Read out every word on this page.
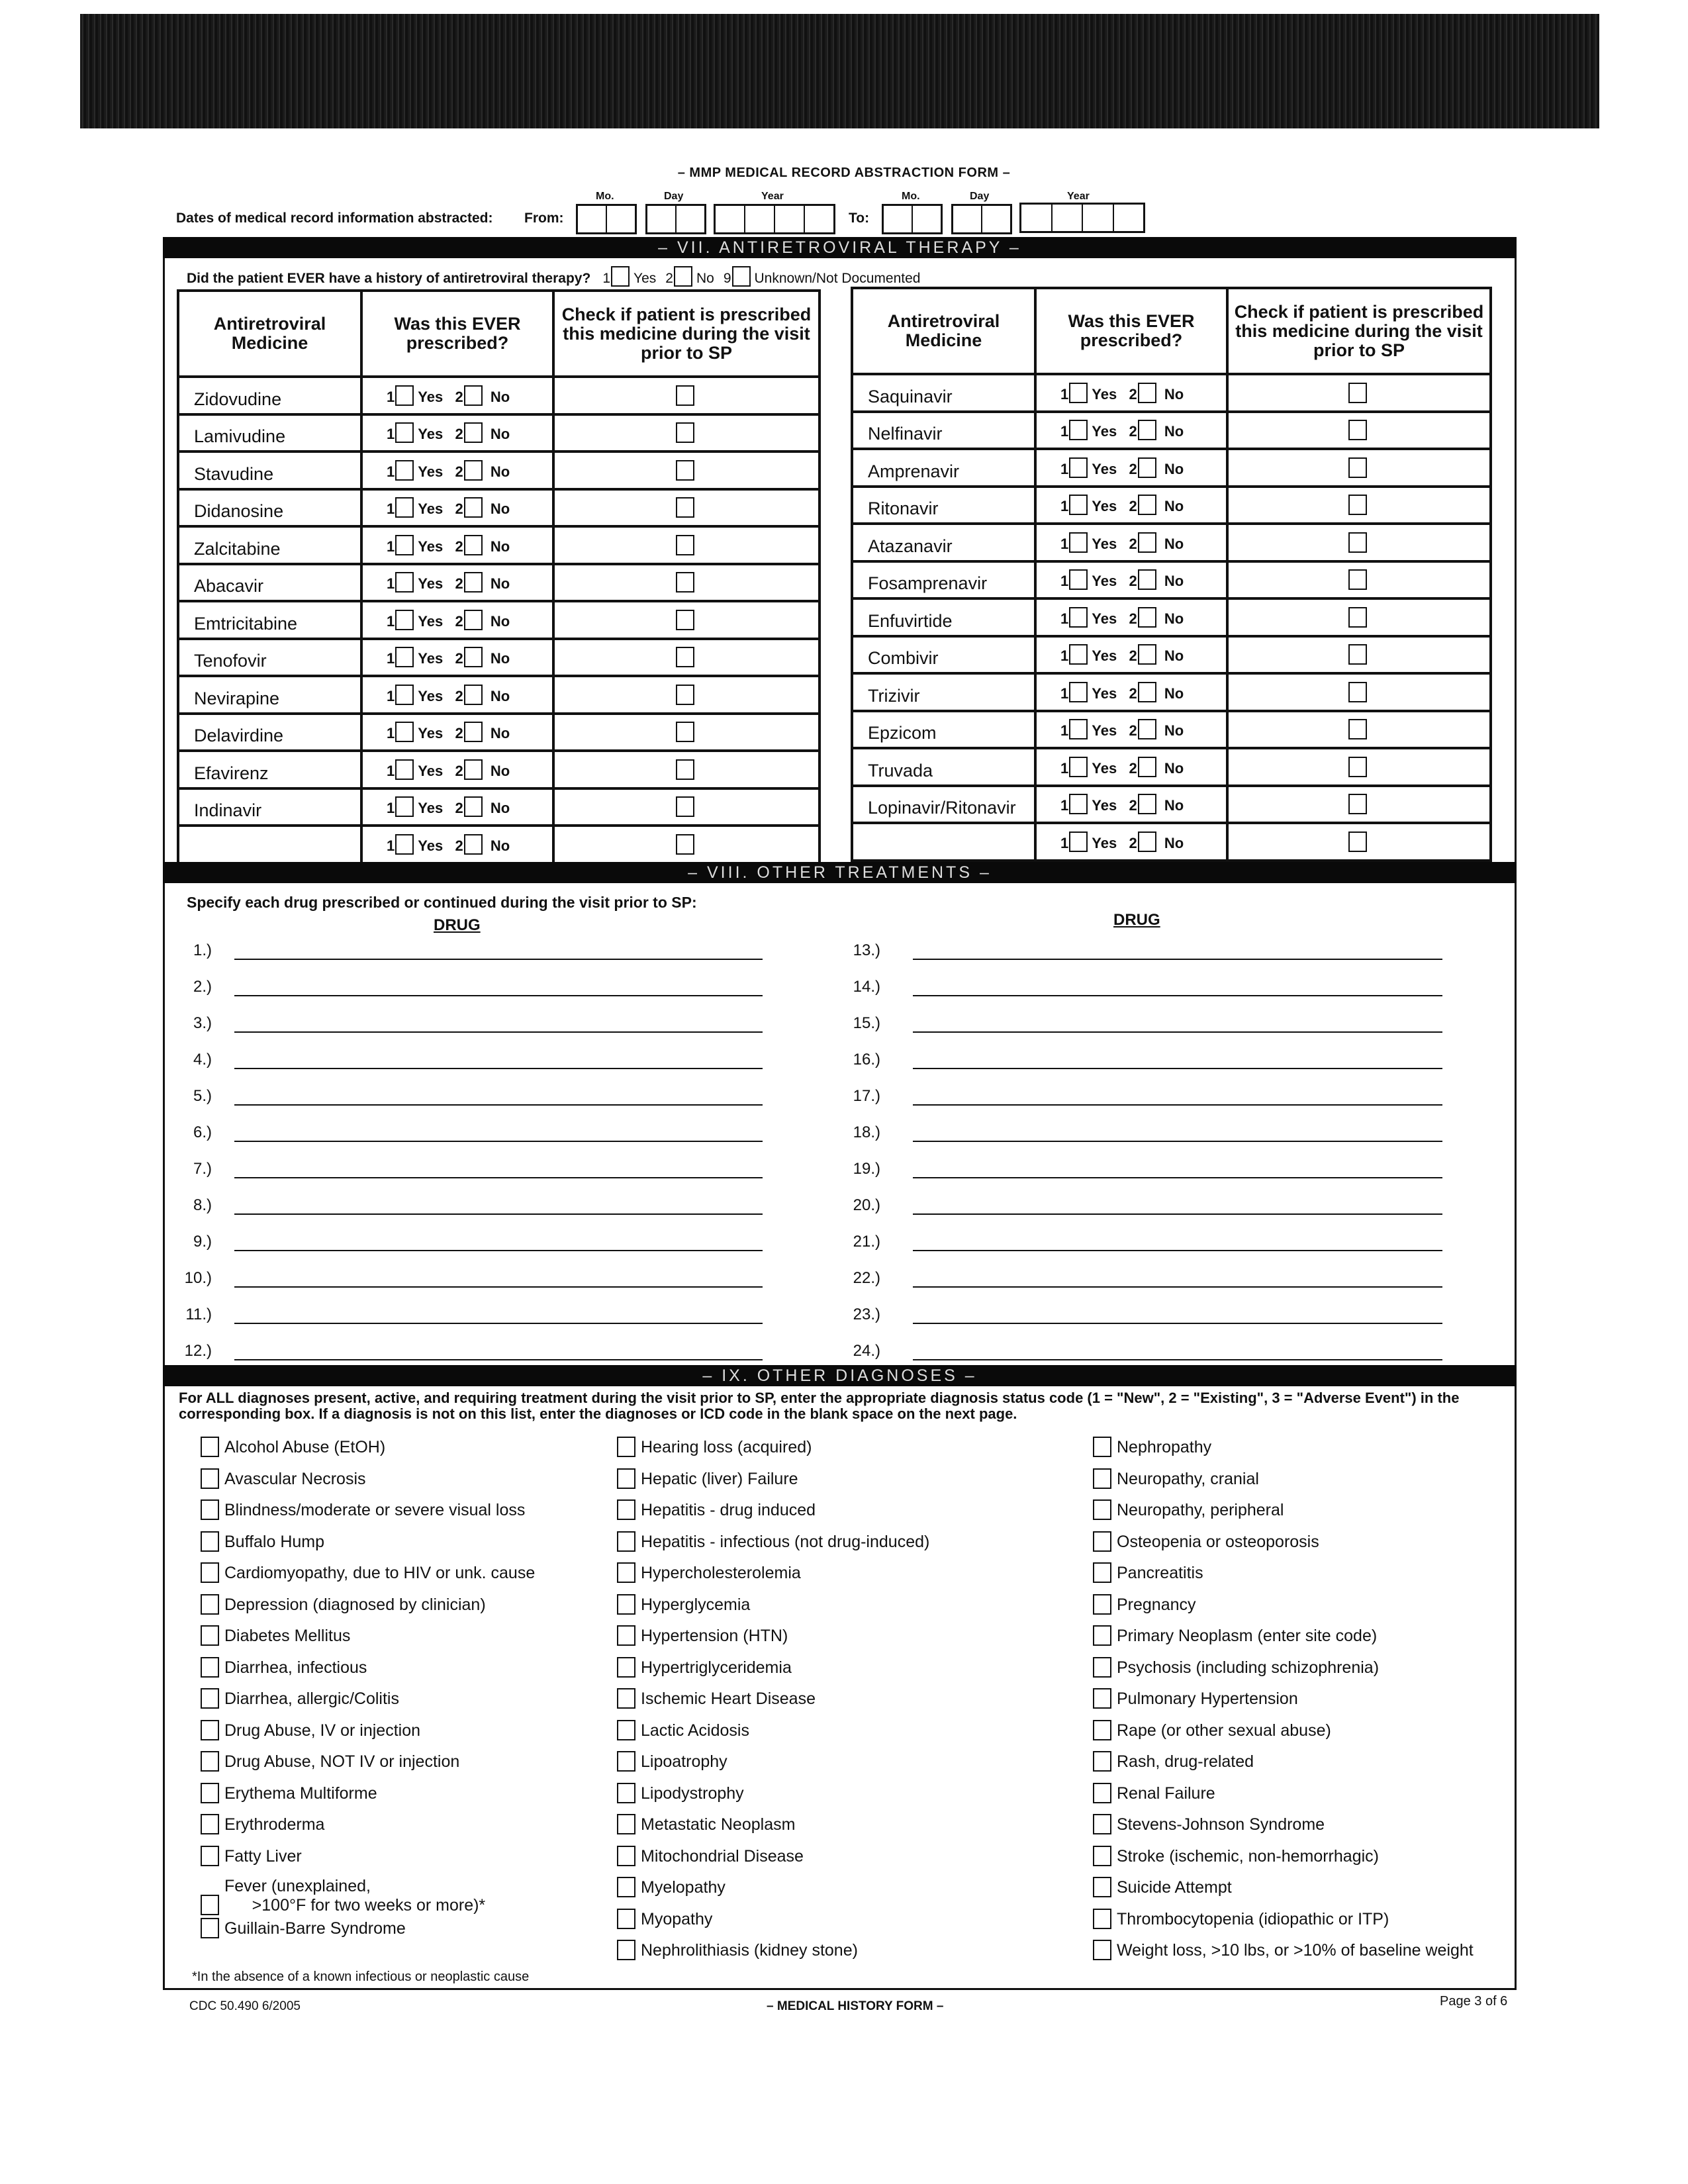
– MMP MEDICAL RECORD ABSTRACTION FORM –
Dates of medical record information abstracted: From:
Mo.	Day	Year
To:
Mo.	Day	Year
– VII. ANTIRETROVIRAL THERAPY –
Did the patient EVER have a history of antiretroviral therapy? 1 Yes 2 No 9 Unknown/Not Documented
Antiretroviral Medicine	Was this EVER prescribed?	Check if patient is prescribed this medicine during the visit prior to SP
Zidovudine	1 Yes 2 No	
Lamivudine	1 Yes 2 No	
Stavudine	1 Yes 2 No	
Didanosine	1 Yes 2 No	
Zalcitabine	1 Yes 2 No	
Abacavir	1 Yes 2 No	
Emtricitabine	1 Yes 2 No	
Tenofovir	1 Yes 2 No	
Nevirapine	1 Yes 2 No	
Delavirdine	1 Yes 2 No	
Efavirenz	1 Yes 2 No	
Indinavir	1 Yes 2 No	
	1 Yes 2 No	
Antiretroviral Medicine	Was this EVER prescribed?	Check if patient is prescribed this medicine during the visit prior to SP
Saquinavir	1 Yes 2 No	
Nelfinavir	1 Yes 2 No	
Amprenavir	1 Yes 2 No	
Ritonavir	1 Yes 2 No	
Atazanavir	1 Yes 2 No	
Fosamprenavir	1 Yes 2 No	
Enfuvirtide	1 Yes 2 No	
Combivir	1 Yes 2 No	
Trizivir	1 Yes 2 No	
Epzicom	1 Yes 2 No	
Truvada	1 Yes 2 No	
Lopinavir/Ritonavir	1 Yes 2 No	
	1 Yes 2 No	
– VIII. OTHER TREATMENTS –
Specify each drug prescribed or continued during the visit prior to SP:
DRUG	DRUG
1.)
2.)
3.)
4.)
5.)
6.)
7.)
8.)
9.)
10.)
11.)
12.)
13.)
14.)
15.)
16.)
17.)
18.)
19.)
20.)
21.)
22.)
23.)
24.)
– IX. OTHER DIAGNOSES –
For ALL diagnoses present, active, and requiring treatment during the visit prior to SP, enter the appropriate diagnosis status code (1 = "New", 2 = "Existing", 3 = "Adverse Event") in the corresponding box. If a diagnosis is not on this list, enter the diagnoses or ICD code in the blank space on the next page.
Alcohol Abuse (EtOH)
Avascular Necrosis
Blindness/moderate or severe visual loss
Buffalo Hump
Cardiomyopathy, due to HIV or unk. cause
Depression (diagnosed by clinician)
Diabetes Mellitus
Diarrhea, infectious
Diarrhea, allergic/Colitis
Drug Abuse, IV or injection
Drug Abuse, NOT IV or injection
Erythema Multiforme
Erythroderma
Fatty Liver
Fever (unexplained,
>100°F for two weeks or more)*
Guillain-Barre Syndrome
Hearing loss (acquired)
Hepatic (liver) Failure
Hepatitis - drug induced
Hepatitis - infectious (not drug-induced)
Hypercholesterolemia
Hyperglycemia
Hypertension (HTN)
Hypertriglyceridemia
Ischemic Heart Disease
Lactic Acidosis
Lipoatrophy
Lipodystrophy
Metastatic Neoplasm
Mitochondrial Disease
Myelopathy
Myopathy
Nephrolithiasis (kidney stone)
Nephropathy
Neuropathy, cranial
Neuropathy, peripheral
Osteopenia or osteoporosis
Pancreatitis
Pregnancy
Primary Neoplasm (enter site code)
Psychosis (including schizophrenia)
Pulmonary Hypertension
Rape (or other sexual abuse)
Rash, drug-related
Renal Failure
Stevens-Johnson Syndrome
Stroke (ischemic, non-hemorrhagic)
Suicide Attempt
Thrombocytopenia (idiopathic or ITP)
Weight loss, >10 lbs, or >10% of baseline weight
*In the absence of a known infectious or neoplastic cause
CDC 50.490 6/2005	– MEDICAL HISTORY FORM –	Page 3 of 6
